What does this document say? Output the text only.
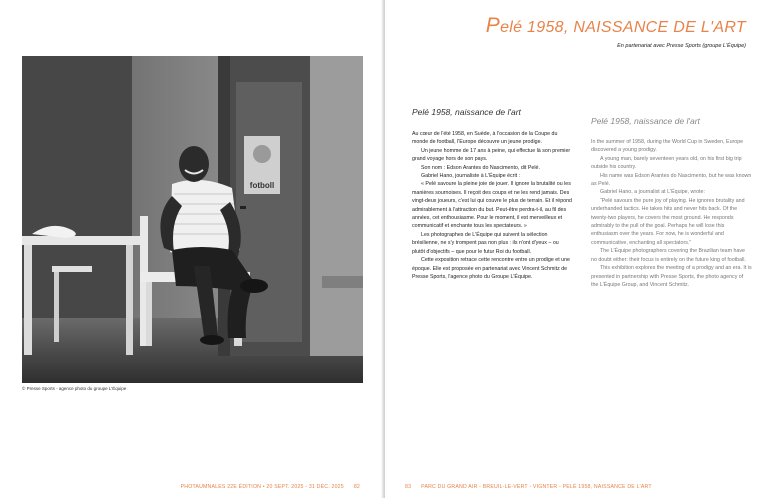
fotboll
© Presse Sports - agence photo du groupe L'Équipe
PHOTAUMNALES 22E ÉDITION • 20 SEPT. 2025 - 31 DÉC. 2025 82
Pelé 1958, NAISSANCE DE L'ART
En partenariat avec Presse Sports (groupe L'Équipe)
Pelé 1958, naissance de l'art

Au cœur de l'été 1958, en Suède, à l'occasion de la Coupe du monde de football, l'Europe découvre un jeune prodige.

Un jeune homme de 17 ans à peine, qui effectue là son premier grand voyage hors de son pays.

Son nom : Edson Arantes do Nascimento, dit Pelé.

Gabriel Hano, journaliste à L'Équipe écrit :

« Pelé savoure la pleine joie de jouer. Il ignore la brutalité ou les manières sournoises. Il reçoit des coups et ne les rend jamais. Des vingt-deux joueurs, c'est lui qui couvre le plus de terrain. Et il répond admirablement à l'attraction du but. Peut-être perdra-t-il, au fil des années, cet enthousiasme. Pour le moment, il est merveilleux et communicatif et enchante tous les spectateurs. »

Les photographes de L'Équipe qui suivent la sélection brésilienne, ne s'y trompent pas non plus : ils n'ont d'yeux – ou plutôt d'objectifs – que pour le futur Roi du football.

Cette exposition retrace cette rencontre entre un prodige et une époque. Elle est proposée en partenariat avec Vincent Schmitz de Presse Sports, l'agence photo du Groupe L'Équipe.

Pelé 1958, naissance de l'art

In the summer of 1958, during the World Cup in Sweden, Europe discovered a young prodigy.

A young man, barely seventeen years old, on his first big trip outside his country.

His name was Edson Arantes do Nascimento, but he was known as Pelé.

Gabriel Hano, a journalist at L'Équipe, wrote:

“Pelé savours the pure joy of playing. He ignores brutality and underhanded tactics. He takes hits and never hits back. Of the twenty-two players, he covers the most ground. He responds admirably to the pull of the goal. Perhaps he will lose this enthusiasm over the years. For now, he is wonderful and communicative, enchanting all spectators.”

The L'Équipe photographers covering the Brazilian team have no doubt either: their focus is entirely on the future king of football.

This exhibition explores the meeting of a prodigy and an era. It is presented in partnership with Presse Sports, the photo agency of the L'Équipe Group, and Vincent Schmitz.

83 PARC DU GRAND AIR - BREUIL-LE-VERT - VIGNTER - PELÉ 1958, NAISSANCE DE L'ART
